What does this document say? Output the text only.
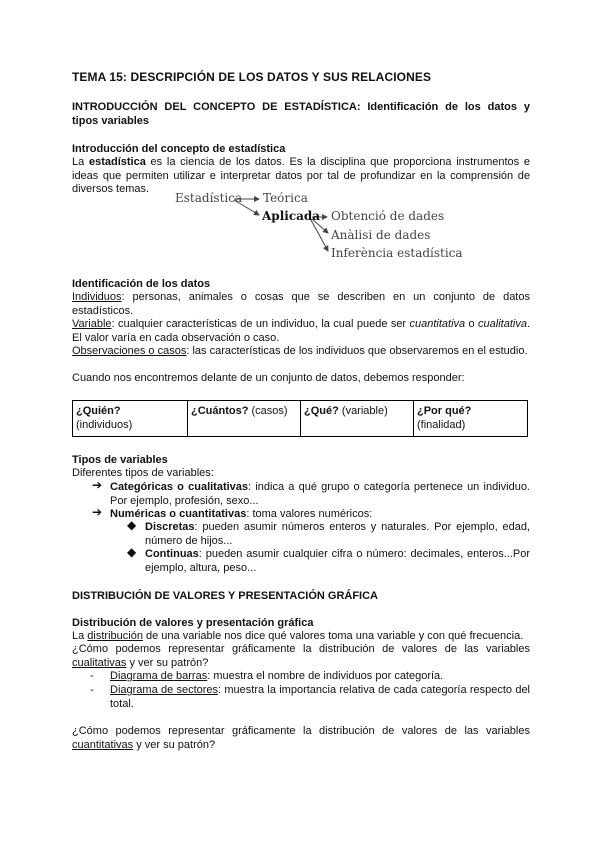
TEMA 15: DESCRIPCIÓN DE LOS DATOS Y SUS RELACIONES
INTRODUCCIÓN DEL CONCEPTO DE ESTADÍSTICA: Identificación de los datos y
tipos variables
Introducción del concepto de estadística
La estadística es la ciencia de los datos. Es la disciplina que proporciona instrumentos e ideas que permiten utilizar e interpretar datos por tal de profundizar en la comprensión de diversos temas.
Estadística Teórica
Aplicada Obtenció de dades
Anàlisi de dades
Inferència estadística
Identificación de los datos
Individuos: personas, animales o cosas que se describen en un conjunto de datos estadísticos.
Variable: cualquier características de un individuo, la cual puede ser cuantitativa o cualitativa. El valor varía en cada observación o caso.
Observaciones o casos: las características de los individuos que observaremos en el estudio.
Cuando nos encontremos delante de un conjunto de datos, debemos responder:
¿Quién?
(individuos)	¿Cuántos? (casos)	¿Qué? (variable)	¿Por qué?
(finalidad)
Tipos de variables
Diferentes tipos de variables:
➔ Categóricas o cualitativas: indica a qué grupo o categoría pertenece un individuo. Por ejemplo, profesión, sexo...
➔ Numéricas o cuantitativas: toma valores numéricos:
◆ Discretas: pueden asumir números enteros y naturales. Por ejemplo, edad, número de hijos...
◆ Continuas: pueden asumir cualquier cifra o número: decimales, enteros...Por ejemplo, altura, peso...
DISTRIBUCIÓN DE VALORES Y PRESENTACIÓN GRÁFICA
Distribución de valores y presentación gráfica
La distribución de una variable nos dice qué valores toma una variable y con qué frecuencia.
¿Cómo podemos representar gráficamente la distribución de valores de las variables cualitativas y ver su patrón?
- Diagrama de barras: muestra el nombre de individuos por categoría.
- Diagrama de sectores: muestra la importancia relativa de cada categoría respecto del total.
¿Cómo podemos representar gráficamente la distribución de valores de las variables cuantitativas y ver su patrón?
